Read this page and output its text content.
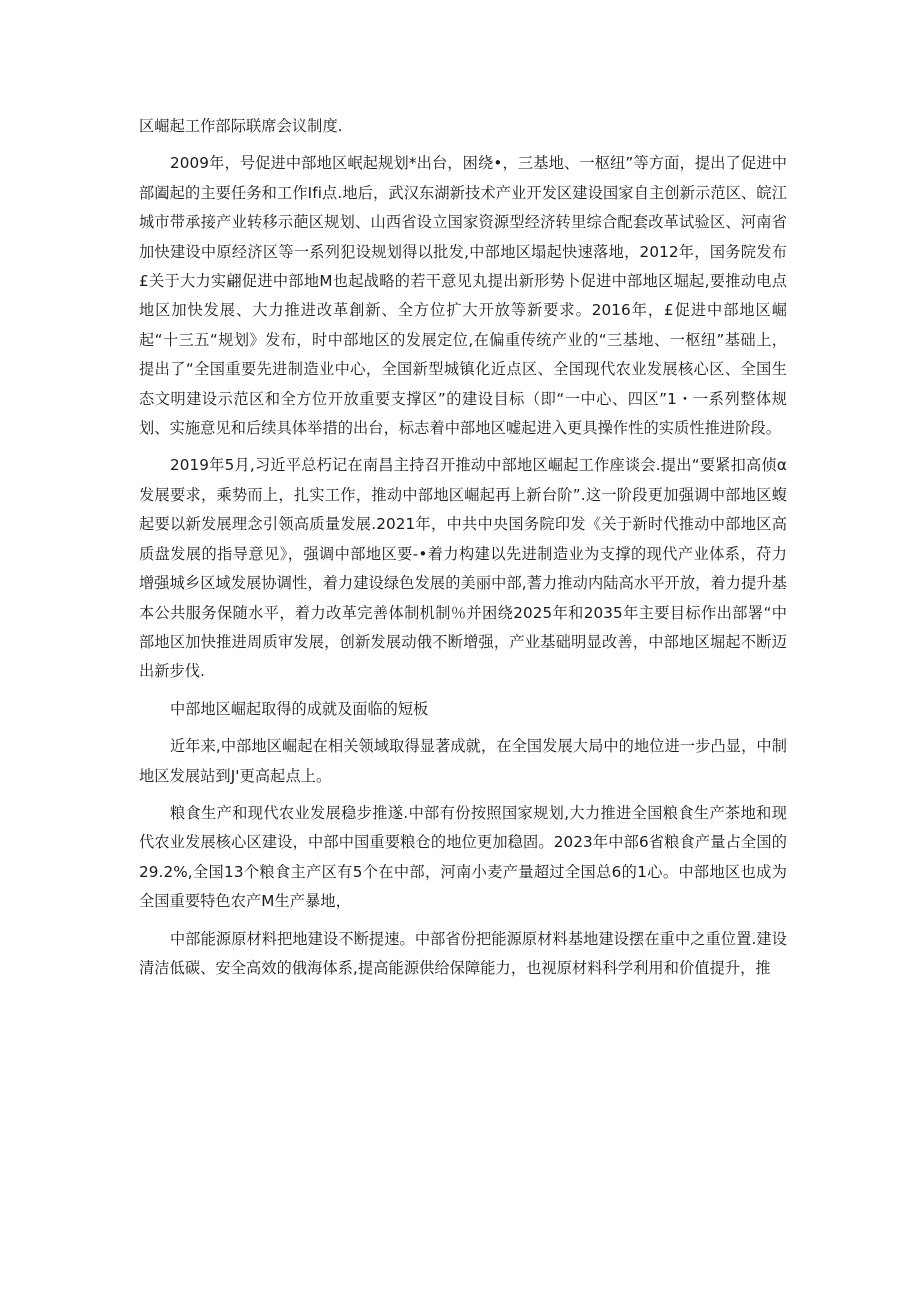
区崛起工作部际联席会议制度.

2009年，号促进中部地区岷起规划*出台，困绕•，三基地、一枢纽”等方面，提出了促进中部阖起的主要任务和工作Ifi点.地后，武汉东湖新技术产业开发区建设国家自主创新示范区、皖江城市带承接产业转移示葩区规划、山西省设立国家资源型经济转里综合配套改革试验区、河南省加快建设中原经济区等一系列犯设规划得以批发,中部地区塌起快速落地，2012年，国务院发布£关于大力实翩促进中部地M也起战略的若干意见丸提出新形势卜促进中部地区堀起,要推动电点地区加快发展、大力推进改革創新、全方位扩大开放等新要求。2016年，£促进中部地区崛起“十三五“规划》发布，时中部地区的发展定位,在偏重传统产业的“三基地、一枢纽”基础上，提出了“全国重要先进制造业中心，全国新型城镇化近点区、全国现代农业发展核心区、全国生态文明建设示范区和全方位开放重要支撑区”的建设目标（即“一中心、四区”1・一系列整体规划、实施意见和后续具体举措的出台，标志着中部地区嘘起进入更具操作性的实质性推进阶段。

2019年5月,习近平总朽记在南昌主持召开推动中部地区崛起工作座谈会.提出“要紧扣高侦α发展要求，乘势而上，扎实工作，推动中部地区崛起再上新台阶”.这一阶段更加强调中部地区蝮起要以新发展理念引领高质量发展.2021年，中共中央国务院印发《关于新时代推动中部地区高质盘发展的指导意见》，强调中部地区要-•着力构建以先进制造业为支撑的现代产业体系，苻力增强城乡区域发展协调性，着力建设绿色发展的美丽中部,蓍力推动内陆高水平开放，着力提升基本公共服务保随水平，着力改革完善体制机制％并困绕2025年和2035年主要目标作出部署“中部地区加快推进周质审发展，创新发展动俄不断增强，产业基础明显改善，中部地区堀起不断迈出新步伐.

中部地区崛起取得的成就及面临的短板

近年来,中部地区崛起在相关领域取得显著成就，在全国发展大局中的地位进一步凸显，中制地区发展站到J'更高起点上。

粮食生产和现代农业发展稳步推遂.中部有份按照国家规划,大力推进全国粮食生产茶地和现代农业发展核心区建设，中部中国重要粮仓的地位更加稳固。2023年中部6省粮食产量占全国的29.2%,全国13个粮食主产区有5个在中部，河南小麦产量超过全国总6的1心。中部地区也成为全国重要特色农产M生产暴地，

中部能源原材料把地建设不断提速。中部省份把能源原材料基地建设摆在重中之重位置.建设清洁低碳、安全高效的俄海体系,提高能源供给保障能力，也视原材料科学利用和价值提升，推
